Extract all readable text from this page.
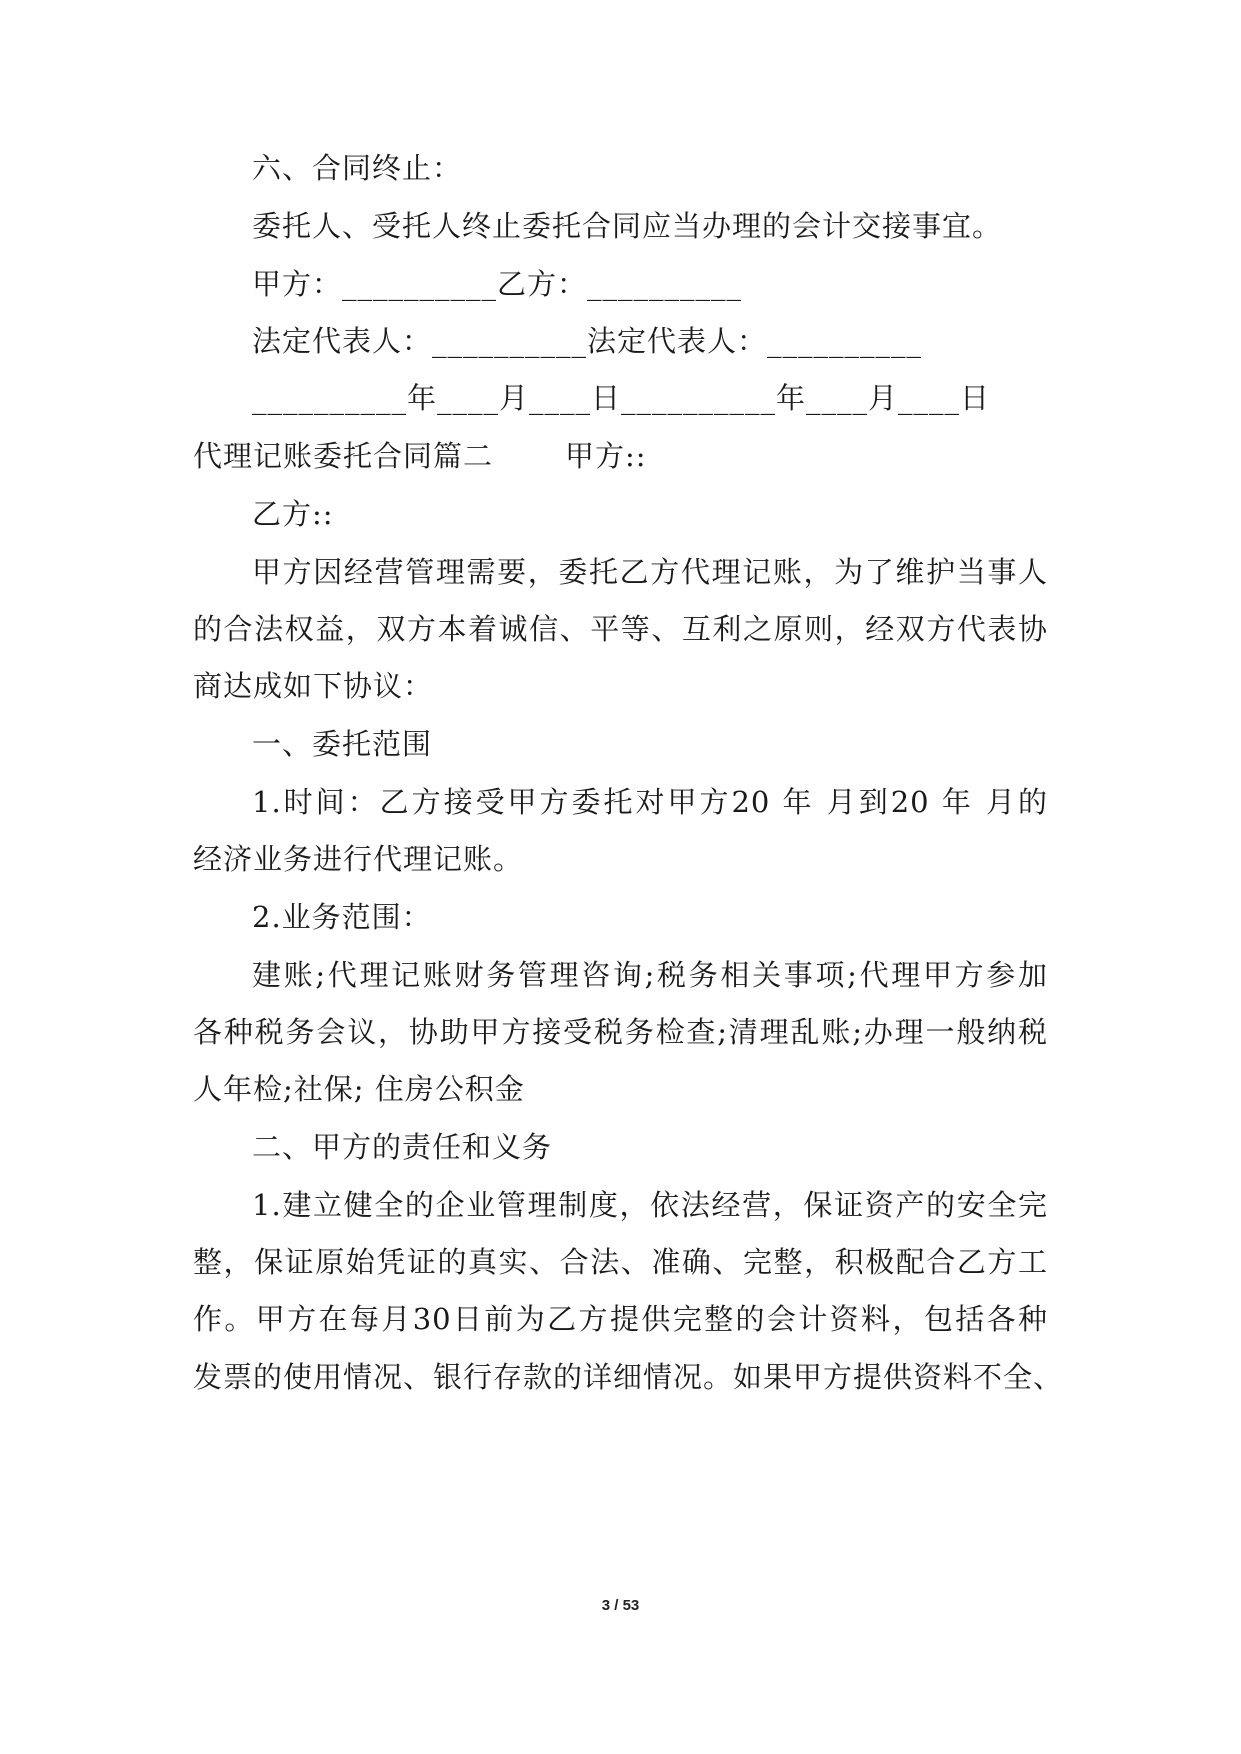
六、合同终止：
委托人、受托人终止委托合同应当办理的会计交接事宜。
甲方：__________乙方：__________
法定代表人：__________法定代表人：__________
__________年____月____日__________年____月____日
代理记账委托合同篇二 甲方::
乙方::
甲方因经营管理需要，委托乙方代理记账，为了维护当事人
的合法权益，双方本着诚信、平等、互利之原则，经双方代表协
商达成如下协议：
一、委托范围
1.时间：乙方接受甲方委托对甲方20 年 月到20 年 月的
经济业务进行代理记账。
2.业务范围：
建账;代理记账财务管理咨询;税务相关事项;代理甲方参加
各种税务会议，协助甲方接受税务检查;清理乱账;办理一般纳税
人年检;社保; 住房公积金
二、甲方的责任和义务
1.建立健全的企业管理制度，依法经营，保证资产的安全完
整，保证原始凭证的真实、合法、准确、完整，积极配合乙方工
作。甲方在每月30日前为乙方提供完整的会计资料，包括各种
发票的使用情况、银行存款的详细情况。如果甲方提供资料不全、
3 / 53
